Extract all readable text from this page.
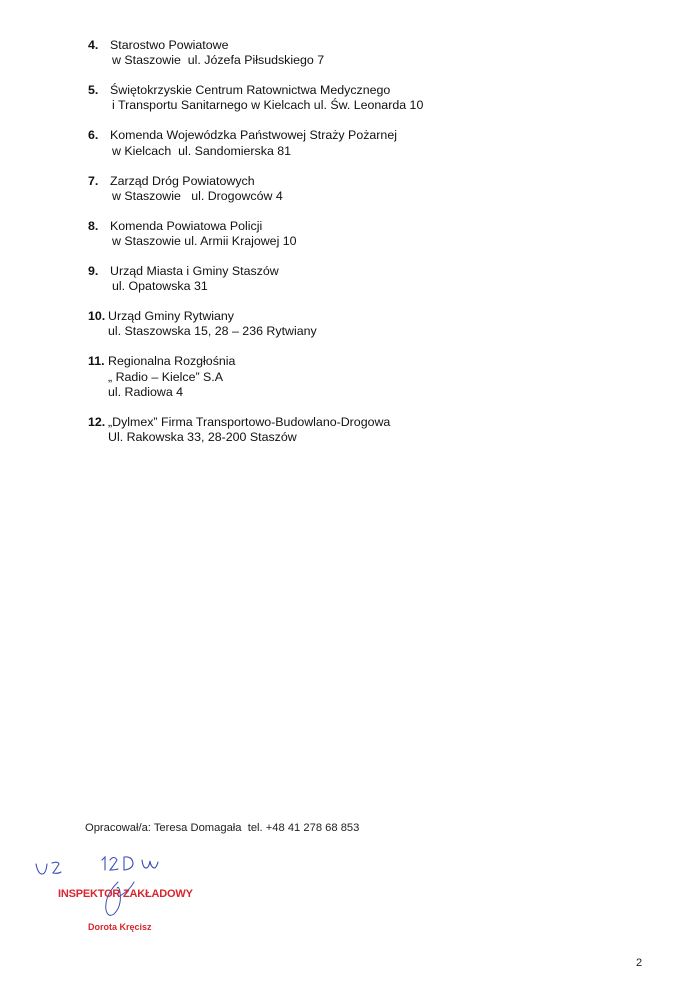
4. Starostwo Powiatowe
w Staszowie  ul. Józefa Piłsudskiego 7
5. Świętokrzyskie Centrum Ratownictwa Medycznego
i Transportu Sanitarnego w Kielcach ul. Św. Leonarda 10
6. Komenda Wojewódzka Państwowej Straży Pożarnej
w Kielcach  ul. Sandomierska 81
7. Zarząd Dróg Powiatowych
w Staszowie   ul. Drogowców 4
8. Komenda Powiatowa Policji
w Staszowie ul. Armii Krajowej 10
9. Urząd Miasta i Gminy Staszów
ul. Opatowska 31
10. Urząd Gminy Rytwiany
ul. Staszowska 15, 28 – 236 Rytwiany
11. Regionalna Rozgłośnia
„ Radio – Kielce” S.A
ul. Radiowa 4
12. „Dylmex” Firma Transportowo-Budowlano-Drogowa
Ul. Rakowska 33, 28-200 Staszów
Opracował/a: Teresa Domagała  tel. +48 41 278 68 853
INSPEKTOR ZAKŁADOWY
Dorota Kręcisz
2
